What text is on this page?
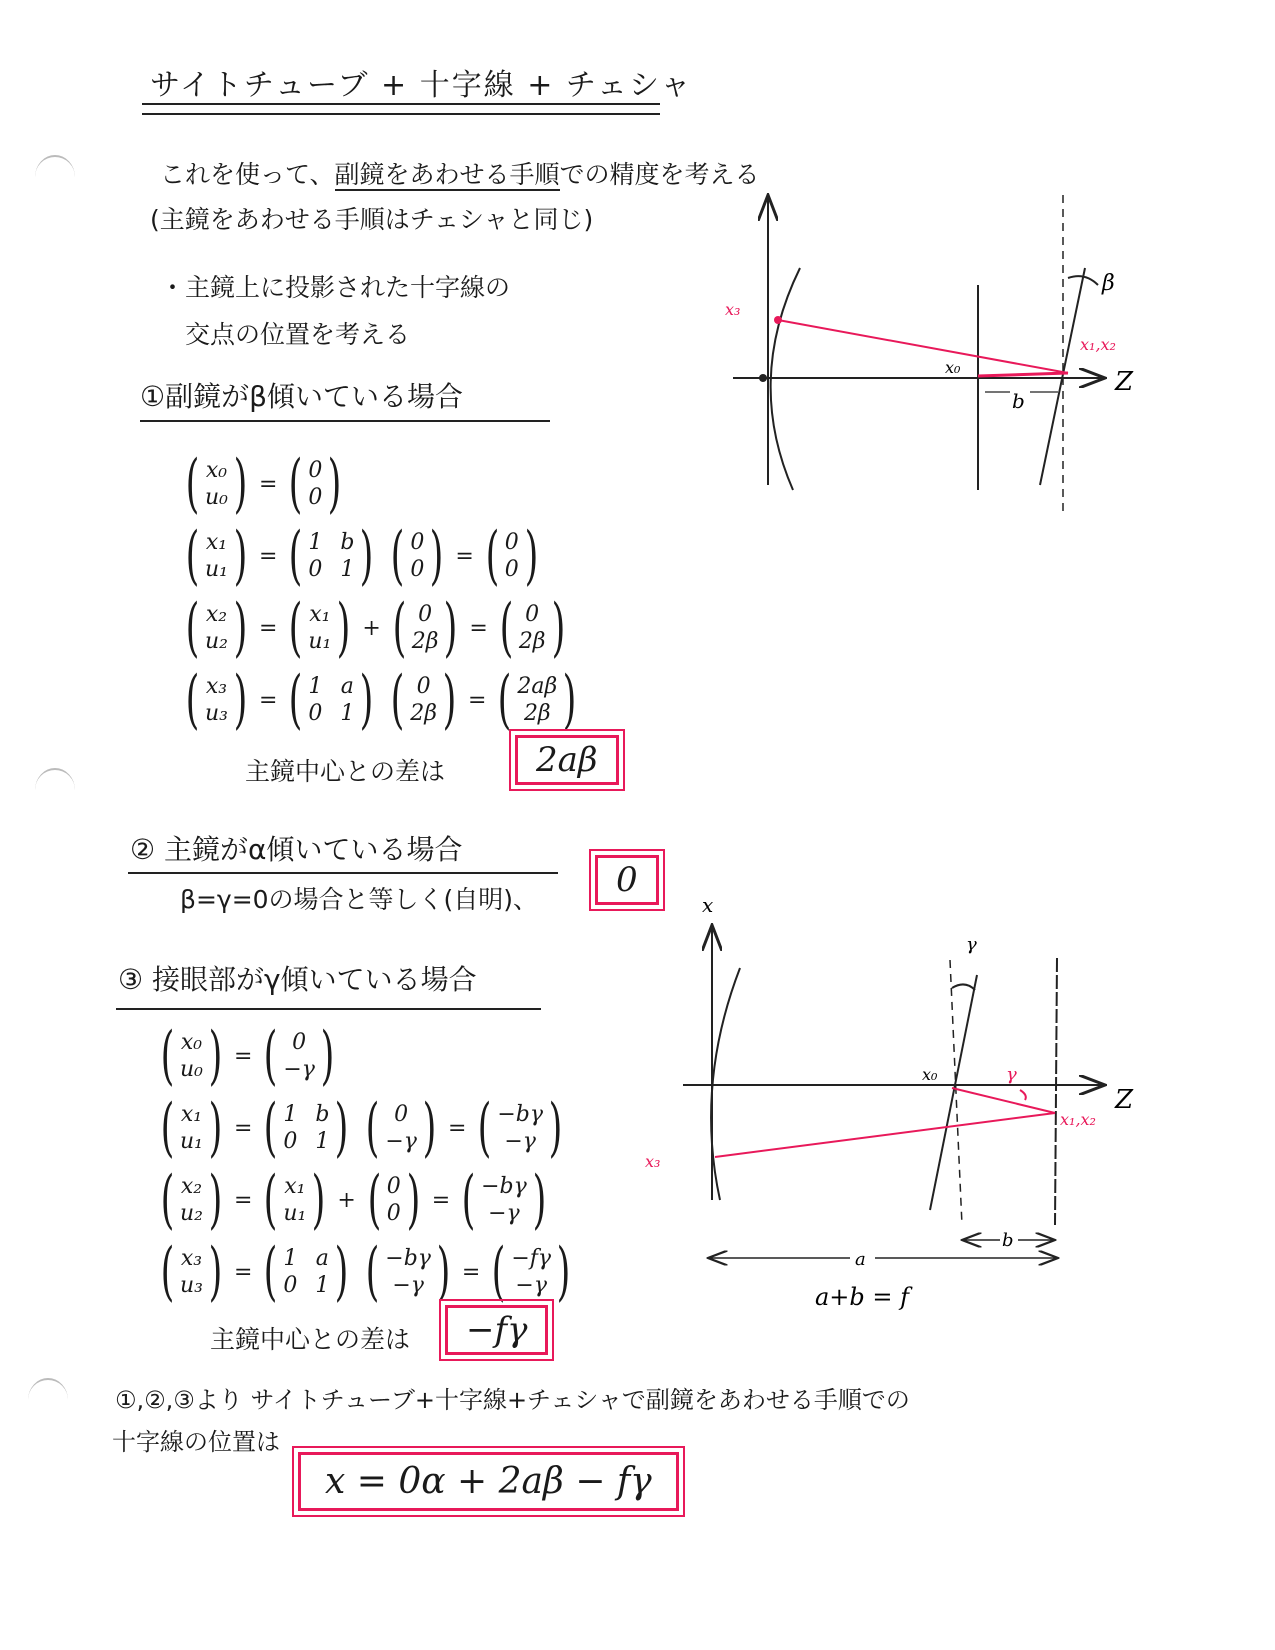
サイトチューブ + 十字線 + チェシャ
これを使って、副鏡をあわせる手順での精度を考える
(主鏡をあわせる手順はチェシャと同じ)
・主鏡上に投影された十字線の
交点の位置を考える
①副鏡がβ傾いている場合
( x₀
u₀ ) = ( 0
0 )
( x₁
u₁ ) = ( 1 b
0 1 ) ( 0
0 ) = ( 0
0 )
( x₂
u₂ ) = ( x₁
u₁ ) + ( 0
2β ) = ( 0
2β )
( x₃
u₃ ) = ( 1 a
0 1 ) ( 0
2β ) = ( 2aβ
2β )
主鏡中心との差は	2aβ
② 主鏡がα傾いている場合
β=γ=0の場合と等しく(自明)、	0
③ 接眼部がγ傾いている場合
( x₀
u₀ ) = ( 0
−γ )
( x₁
u₁ ) = ( 1 b
0 1 ) ( 0
−γ ) = ( −bγ
−γ )
( x₂
u₂ ) = ( x₁
u₁ ) + ( 0
0 ) = ( −bγ
−γ )
( x₃
u₃ ) = ( 1 a
0 1 ) ( −bγ
−γ ) = ( −fγ
−γ )
主鏡中心との差は	−fγ
①,②,③より サイトチューブ+十字線+チェシャで副鏡をあわせる手順での
十字線の位置は
x = 0α + 2aβ − fγ
x₃
x₀
x₁,x₂
b
β
Z
x
γ
x₀	γ
x₁,x₂
x₃
a
b
Z
a+b = f
